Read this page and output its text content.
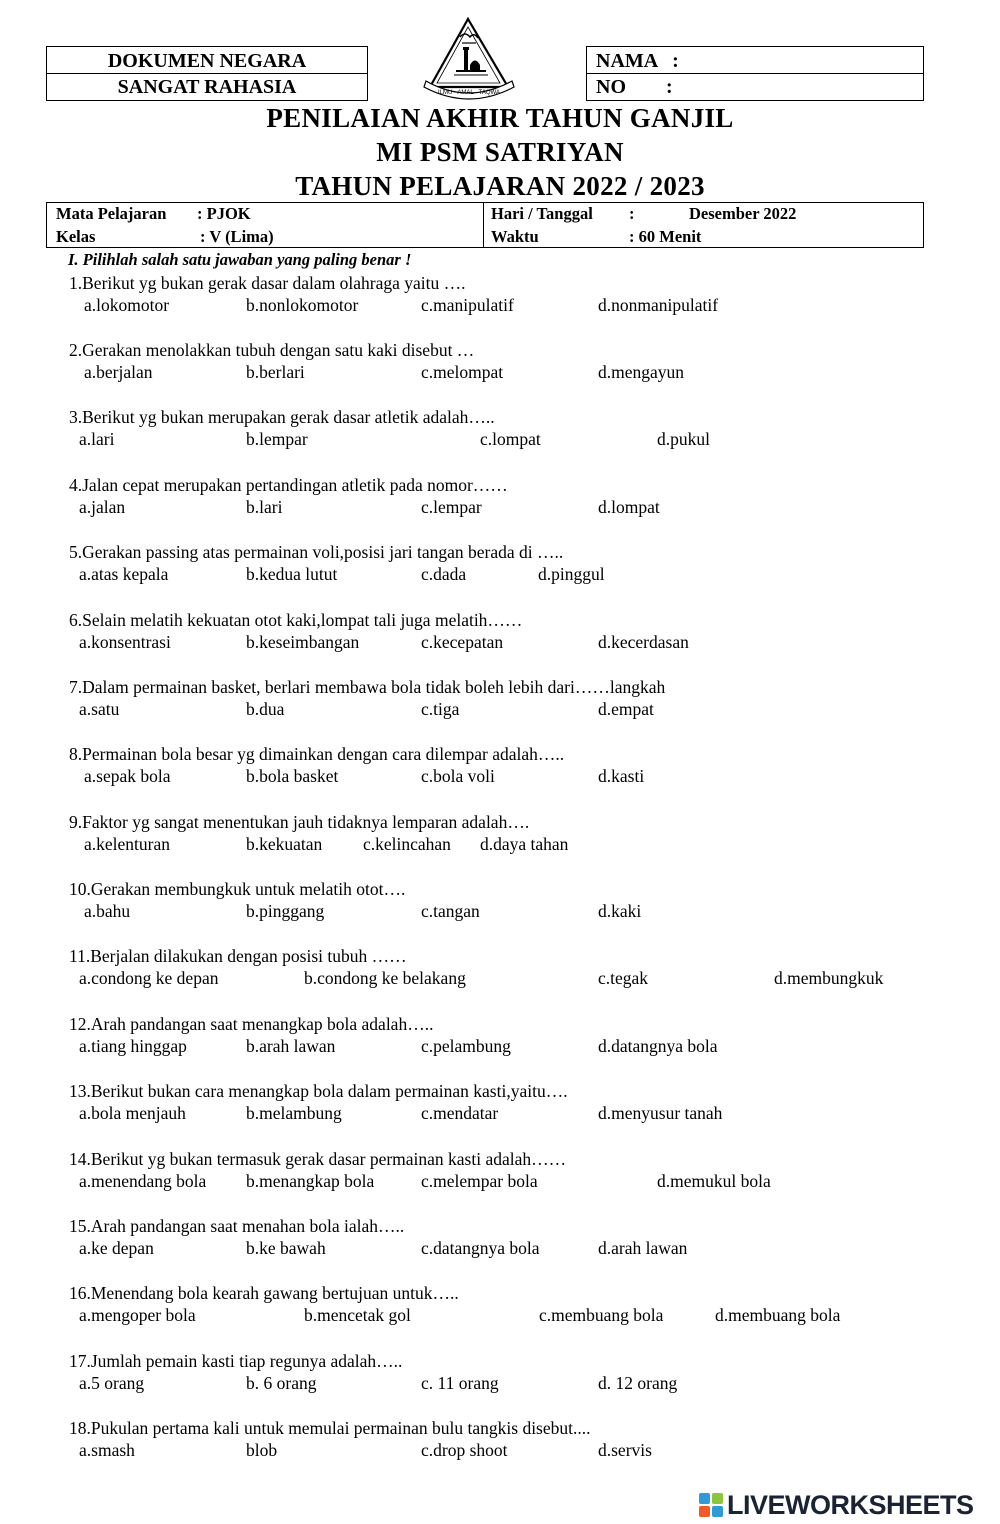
DOKUMEN NEGARA
SANGAT RAHASIA	ILMU - AMAL - TAQWA
NAMA   :
NO        :
PENILAIAN AKHIR TAHUN GANJIL
MI PSM SATRIYAN
TAHUN PELAJARAN 2022 / 2023
Mata Pelajaran : PJOK
Kelas	: V (Lima)
Hari / Tanggal :	Desember 2022
Waktu	: 60 Menit
I. Pilihlah salah satu jawaban yang paling benar !
1.Berikut yg bukan gerak dasar dalam olahraga yaitu ….
a.lokomotor	b.nonlokomotor	c.manipulatif	d.nonmanipulatif
2.Gerakan menolakkan tubuh dengan satu kaki disebut …
a.berjalan	b.berlari	c.melompat	d.mengayun
3.Berikut yg bukan merupakan gerak dasar atletik adalah…..
a.lari	b.lempar	c.lompat	d.pukul
4.Jalan cepat merupakan pertandingan atletik pada nomor……
a.jalan	b.lari	c.lempar	d.lompat
5.Gerakan passing atas permainan voli,posisi jari tangan berada di …..
a.atas kepala	b.kedua lutut	c.dada	d.pinggul
6.Selain melatih kekuatan otot kaki,lompat tali juga melatih……
a.konsentrasi	b.keseimbangan	c.kecepatan	d.kecerdasan
7.Dalam permainan basket, berlari membawa bola tidak boleh lebih dari……langkah
a.satu	b.dua	c.tiga	d.empat
8.Permainan bola besar yg dimainkan dengan cara dilempar adalah…..
a.sepak bola	b.bola basket	c.bola voli	d.kasti
9.Faktor yg sangat menentukan jauh tidaknya lemparan adalah….
a.kelenturan	b.kekuatan c.kelincahan d.daya tahan
10.Gerakan membungkuk untuk melatih otot….
a.bahu	b.pinggang	c.tangan	d.kaki
11.Berjalan dilakukan dengan posisi tubuh ……
a.condong ke depan	b.condong ke belakang	c.tegak	d.membungkuk
12.Arah pandangan saat menangkap bola adalah…..
a.tiang hinggap	b.arah lawan	c.pelambung	d.datangnya bola
13.Berikut bukan cara menangkap bola dalam permainan kasti,yaitu….
a.bola menjauh	b.melambung	c.mendatar	d.menyusur tanah
14.Berikut yg bukan termasuk gerak dasar permainan kasti adalah……
a.menendang bola b.menangkap bola	c.melempar bola	d.memukul bola
15.Arah pandangan saat menahan bola ialah…..
a.ke depan	b.ke bawah	c.datangnya bola	d.arah lawan
16.Menendang bola kearah gawang bertujuan untuk…..
a.mengoper bola	b.mencetak gol	c.membuang bola	d.membuang bola
17.Jumlah pemain kasti tiap regunya adalah…..
a.5 orang	b. 6 orang	c. 11 orang	d. 12 orang
18.Pukulan pertama kali untuk memulai permainan bulu tangkis disebut....
a.smash	blob	c.drop shoot	d.servis
LIVEWORKSHEETS
